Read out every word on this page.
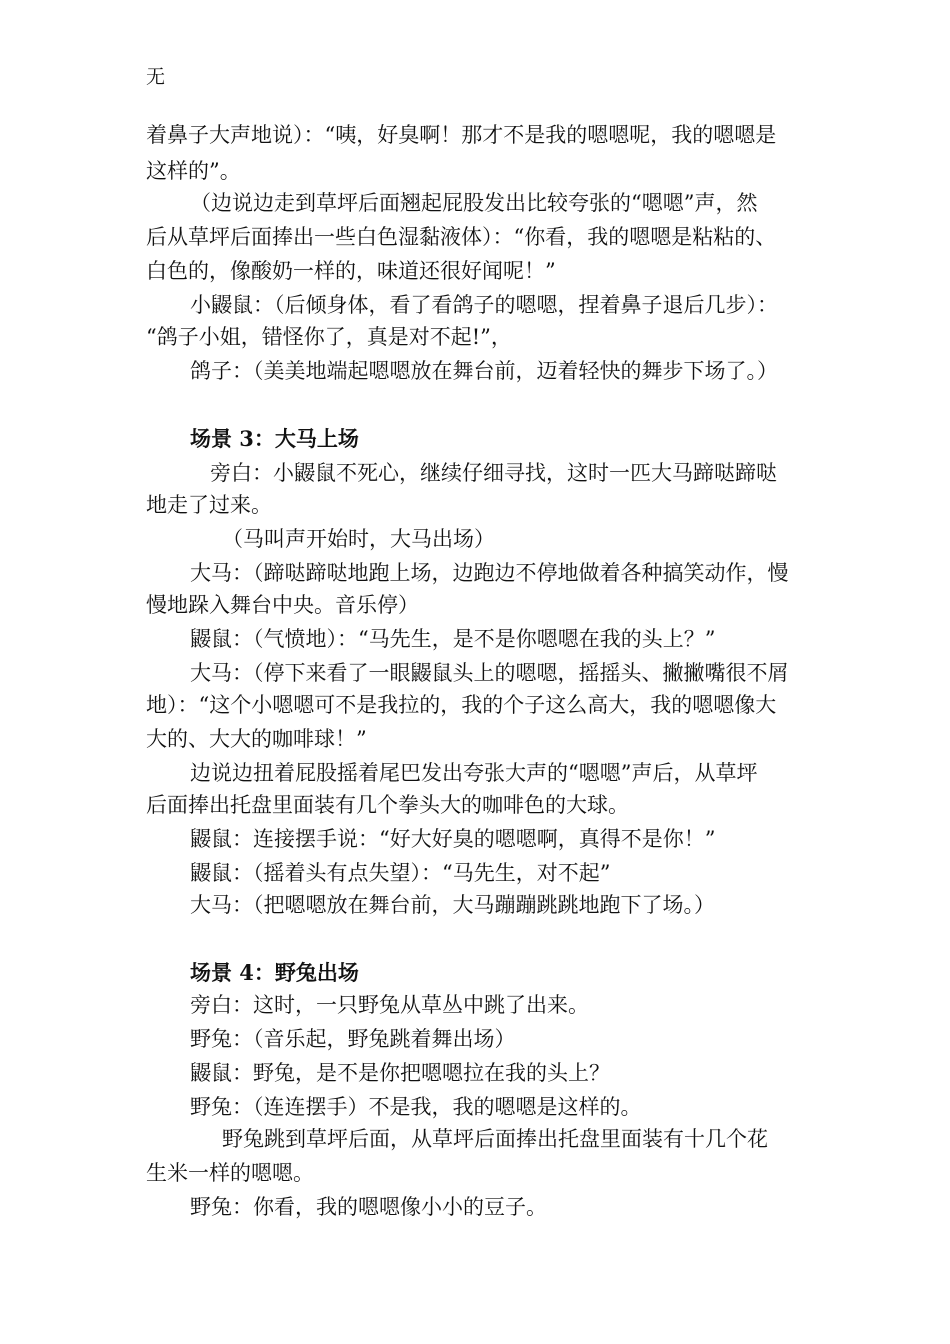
无
着鼻子大声地说）：“咦，好臭啊！那才不是我的嗯嗯呢，我的嗯嗯是
这样的”。
（边说边走到草坪后面翘起屁股发出比较夸张的“嗯嗯”声，然
后从草坪后面捧出一些白色湿黏液体）：“你看，我的嗯嗯是粘粘的、
白色的，像酸奶一样的，味道还很好闻呢！”
小鼹鼠：（后倾身体，看了看鸽子的嗯嗯，捏着鼻子退后几步）：
“鸽子小姐，错怪你了，真是对不起!”，
鸽子：（美美地端起嗯嗯放在舞台前，迈着轻快的舞步下场了。）
场景 3：大马上场
旁白：小鼹鼠不死心，继续仔细寻找，这时一匹大马蹄哒蹄哒
地走了过来。
（马叫声开始时，大马出场）
大马：（蹄哒蹄哒地跑上场，边跑边不停地做着各种搞笑动作，慢
慢地跺入舞台中央。音乐停）
鼹鼠：（气愤地）：“马先生，是不是你嗯嗯在我的头上？”
大马：（停下来看了一眼鼹鼠头上的嗯嗯，摇摇头、撇撇嘴很不屑
地）：“这个小嗯嗯可不是我拉的，我的个子这么高大，我的嗯嗯像大
大的、大大的咖啡球！”
边说边扭着屁股摇着尾巴发出夸张大声的“嗯嗯”声后，从草坪
后面捧出托盘里面装有几个拳头大的咖啡色的大球。
鼹鼠：连接摆手说：“好大好臭的嗯嗯啊，真得不是你！”
鼹鼠：（摇着头有点失望）：“马先生，对不起”
大马：（把嗯嗯放在舞台前，大马蹦蹦跳跳地跑下了场。）
场景 4：野兔出场
旁白：这时，一只野兔从草丛中跳了出来。
野兔：（音乐起，野兔跳着舞出场）
鼹鼠：野兔，是不是你把嗯嗯拉在我的头上？
野兔：（连连摆手）不是我，我的嗯嗯是这样的。
野兔跳到草坪后面，从草坪后面捧出托盘里面装有十几个花
生米一样的嗯嗯。
野兔：你看，我的嗯嗯像小小的豆子。
